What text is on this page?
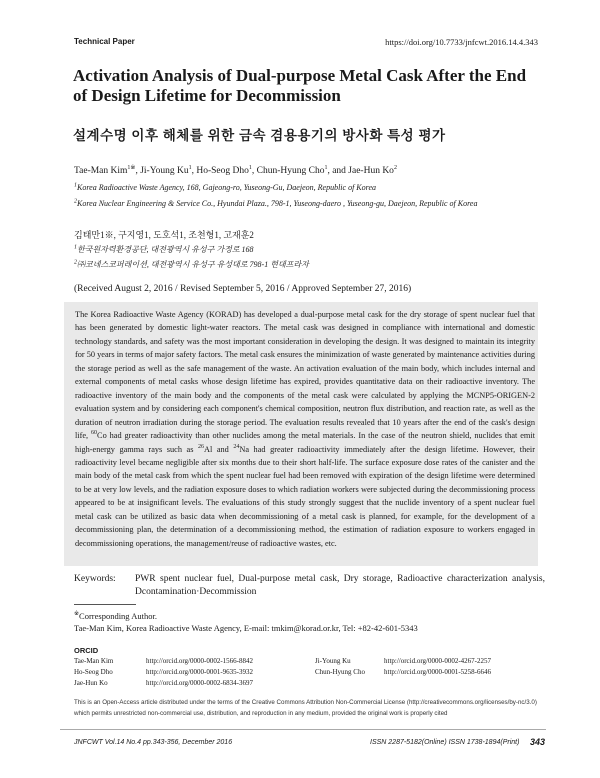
Technical Paper	https://doi.org/10.7733/jnfcwt.2016.14.4.343
Activation Analysis of Dual-purpose Metal Cask After the End of Design Lifetime for Decommission
설계수명 이후 해체를 위한 금속 겸용용기의 방사화 특성 평가
Tae-Man Kim$^{1※}$, Ji-Young Ku$^1$, Ho-Seog Dho$^1$, Chun-Hyung Cho$^1$, and Jae-Hun Ko$^2$
$^1$Korea Radioactive Waste Agency, 168, Gajeong-ro, Yuseong-Gu, Daejeon, Republic of Korea
$^2$Korea Nuclear Engineering & Service Co., Hyundai Plaza., 798-1, Yuseong-daero , Yuseong-gu, Daejeon, Republic of Korea
김태만1※, 구지영1, 도호석1, 조천형1, 고재훈2
$^1$한국원자력환경공단, 대전광역시 유성구 가정로 168
$^2$㈜코네스코퍼레이션, 대전광역시 유성구 유성대로 798-1 현대프라자
(Received August 2, 2016 / Revised September 5, 2016 / Approved September 27, 2016)
The Korea Radioactive Waste Agency (KORAD) has developed a dual-purpose metal cask for the dry storage of spent nuclear fuel that has been generated by domestic light-water reactors. The metal cask was designed in compliance with international and domestic technology standards, and safety was the most important consideration in developing the design. It was designed to maintain its integrity for 50 years in terms of major safety factors. The metal cask ensures the minimization of waste generated by maintenance activities during the storage period as well as the safe management of the waste. An activation evaluation of the main body, which includes internal and external components of metal casks whose design lifetime has expired, provides quantitative data on their radioactive inventory. The radioactive inventory of the main body and the components of the metal cask were calculated by applying the MCNP5-ORIGEN-2 evaluation system and by considering each component's chemical composition, neutron flux distribution, and reaction rate, as well as the duration of neutron irradiation during the storage period. The evaluation results revealed that 10 years after the end of the cask's design life, $^{60}$Co had greater radioactivity than other nuclides among the metal materials. In the case of the neutron shield, nuclides that emit high-energy gamma rays such as $^{26}$Al and $^{24}$Na had greater radioactivity immediately after the design lifetime. However, their radioactivity level became negligible after six months due to their short half-life. The surface exposure dose rates of the canister and the main body of the metal cask from which the spent nuclear fuel had been removed with expiration of the design lifetime were determined to be at very low levels, and the radiation exposure doses to which radiation workers were subjected during the decommissioning process appeared to be at insignificant levels. The evaluations of this study strongly suggest that the nuclide inventory of a spent nuclear fuel metal cask can be utilized as basic data when decommissioning of a metal cask is planned, for example, for the development of a decommissioning plan, the determination of a decommissioning method, the estimation of radiation exposure to workers engaged in decommissioning operations, the management/reuse of radioactive wastes, etc.
Keywords: PWR spent nuclear fuel, Dual-purpose metal cask, Dry storage, Radioactive characterization analysis, Dcontamination·Decommission
※Corresponding Author.
Tae-Man Kim, Korea Radioactive Waste Agency, E-mail: tmkim@korad.or.kr, Tel: +82-42-601-5343
ORCID
Tae-Man Kim	http://orcid.org/0000-0002-1566-8842
Ho-Seog Dho	http://orcid.org/0000-0001-9635-3932
Jae-Hun Ko	http://orcid.org/0000-0002-6834-3697
Ji-Young Ku	http://orcid.org/0000-0002-4267-2257
Chun-Hyung Cho	http://orcid.org/0000-0001-5258-6646
This is an Open-Access article distributed under the terms of the Creative Commons Attribution Non-Commercial License (http://creativecommons.org/licenses/by-nc/3.0) which permits unrestricted non-commercial use, distribution, and reproduction in any medium, provided the original work is properly cited
JNFCWT Vol.14 No.4 pp.343-356, December 2016	ISSN 2287-5182(Online) ISSN 1738-1894(Print) 343
